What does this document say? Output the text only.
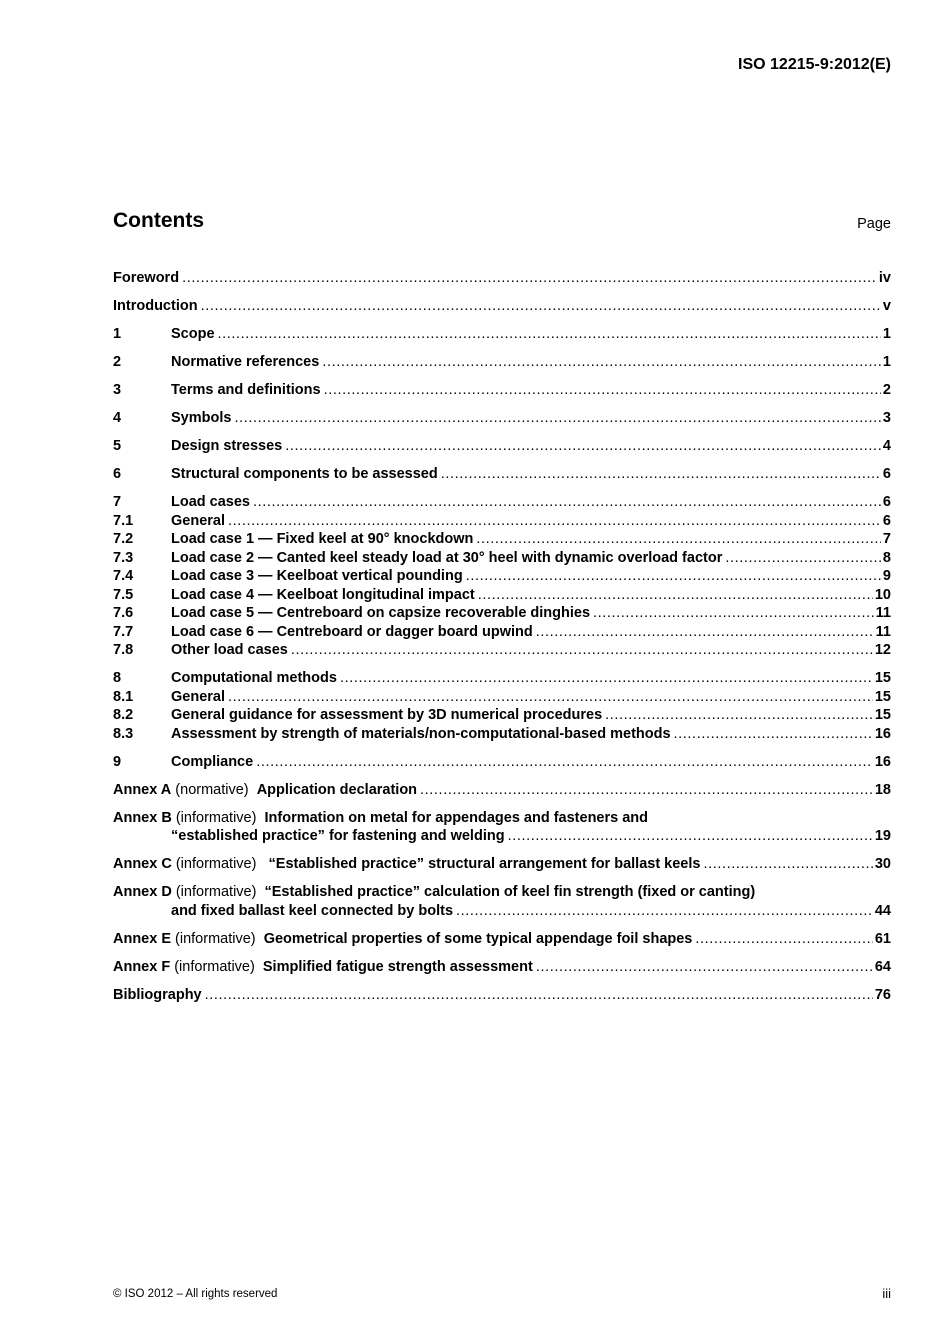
ISO 12215-9:2012(E)
Contents	Page
Foreword .....	iv
Introduction .....	v
1	Scope .....	1
2	Normative references .....	1
3	Terms and definitions .....	2
4	Symbols .....	3
5	Design stresses .....	4
6	Structural components to be assessed .....	6
7	Load cases .....	6
7.1	General .....	6
7.2	Load case 1 — Fixed keel at 90° knockdown .....	7
7.3	Load case 2 — Canted keel steady load at 30° heel with dynamic overload factor .....	8
7.4	Load case 3 — Keelboat vertical pounding .....	9
7.5	Load case 4 — Keelboat longitudinal impact .....	10
7.6	Load case 5 — Centreboard on capsize recoverable dinghies .....	11
7.7	Load case 6 — Centreboard or dagger board upwind .....	11
7.8	Other load cases .....	12
8	Computational methods .....	15
8.1	General .....	15
8.2	General guidance for assessment by 3D numerical procedures .....	15
8.3	Assessment by strength of materials/non-computational-based methods .....	16
9	Compliance .....	16
Annex A (normative) Application declaration .....	18
Annex B (informative) Information on metal for appendages and fasteners and
“established practice” for fastening and welding .....	19
Annex C (informative) “Established practice” structural arrangement for ballast keels .....	30
Annex D (informative) “Established practice” calculation of keel fin strength (fixed or canting)
and fixed ballast keel connected by bolts .....	44
Annex E (informative) Geometrical properties of some typical appendage foil shapes .....	61
Annex F (informative) Simplified fatigue strength assessment .....	64
Bibliography .....	76
© ISO 2012 – All rights reserved	iii
